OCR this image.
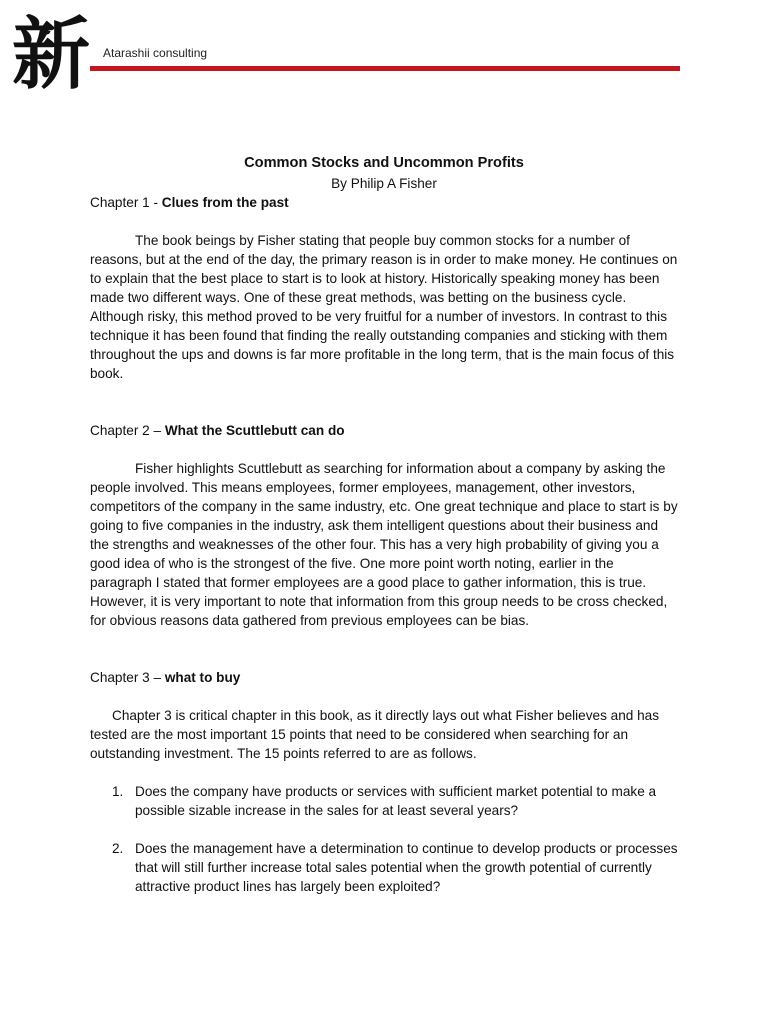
新	Atarashii consulting

Common Stocks and Uncommon Profits

By Philip A Fisher

Chapter 1 - Clues from the past

The book beings by Fisher stating that people buy common stocks for a number of reasons, but at the end of the day, the primary reason is in order to make money. He continues on to explain that the best place to start is to look at history. Historically speaking money has been made two different ways. One of these great methods, was betting on the business cycle. Although risky, this method proved to be very fruitful for a number of investors. In contrast to this technique it has been found that finding the really outstanding companies and sticking with them throughout the ups and downs is far more profitable in the long term, that is the main focus of this book.

Chapter 2 – What the Scuttlebutt can do

Fisher highlights Scuttlebutt as searching for information about a company by asking the people involved. This means employees, former employees, management, other investors, competitors of the company in the same industry, etc. One great technique and place to start is by going to five companies in the industry, ask them intelligent questions about their business and the strengths and weaknesses of the other four. This has a very high probability of giving you a good idea of who is the strongest of the five. One more point worth noting, earlier in the paragraph I stated that former employees are a good place to gather information, this is true. However, it is very important to note that information from this group needs to be cross checked, for obvious reasons data gathered from previous employees can be bias.

Chapter 3 – what to buy

Chapter 3 is critical chapter in this book, as it directly lays out what Fisher believes and has tested are the most important 15 points that need to be considered when searching for an outstanding investment. The 15 points referred to are as follows.

1. Does the company have products or services with sufficient market potential to make a possible sizable increase in the sales for at least several years?
2. Does the management have a determination to continue to develop products or processes that will still further increase total sales potential when the growth potential of currently attractive product lines has largely been exploited?
